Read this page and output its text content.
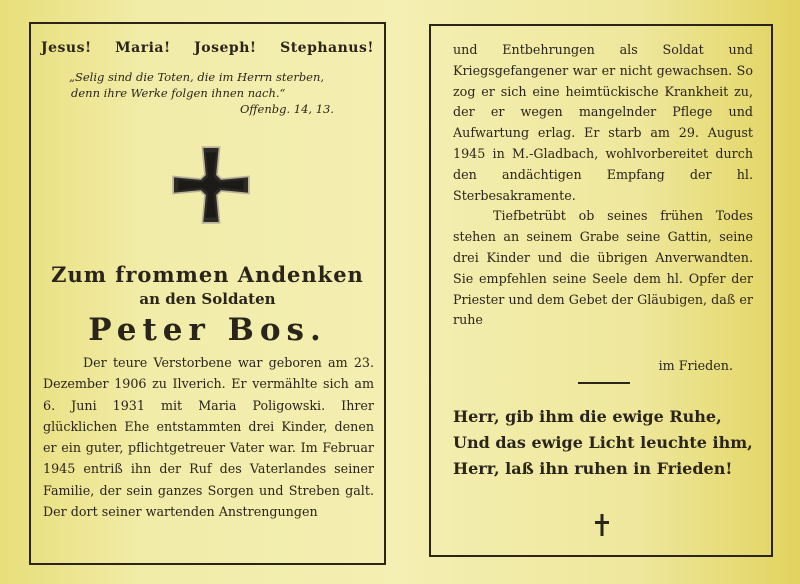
Jesus! Maria! Joseph! Stephanus!
„Selig sind die Toten, die im Herrn sterben,
denn ihre Werke folgen ihnen nach.“
Offenbg. 14, 13.
Zum frommen Andenken
an den Soldaten
Peter Bos.

Der teure Verstorbene war geboren am 23. Dezember 1906 zu Ilverich. Er vermählte sich am 6. Juni 1931 mit Maria Poligowski. Ihrer glücklichen Ehe entstammten drei Kinder, denen er ein guter, pflichtgetreuer Vater war. Im Februar 1945 entriß ihn der Ruf des Vaterlandes seiner Familie, der sein ganzes Sorgen und Streben galt. Der dort seiner wartenden Anstrengungen

und Entbehrungen als Soldat und Kriegsgefangener war er nicht gewachsen. So zog er sich eine heimtückische Krankheit zu, der er wegen mangelnder Pflege und Aufwartung erlag. Er starb am 29. August 1945 in M.-Gladbach, wohlvorbereitet durch den andächtigen Empfang der hl. Sterbesakramente.

Tiefbetrübt ob seines frühen Todes stehen an seinem Grabe seine Gattin, seine drei Kinder und die übrigen Anverwandten. Sie empfehlen seine Seele dem hl. Opfer der Priester und dem Gebet der Gläubigen, daß er ruhe

im Frieden.
Herr, gib ihm die ewige Ruhe,
Und das ewige Licht leuchte ihm,
Herr, laß ihn ruhen in Frieden!
